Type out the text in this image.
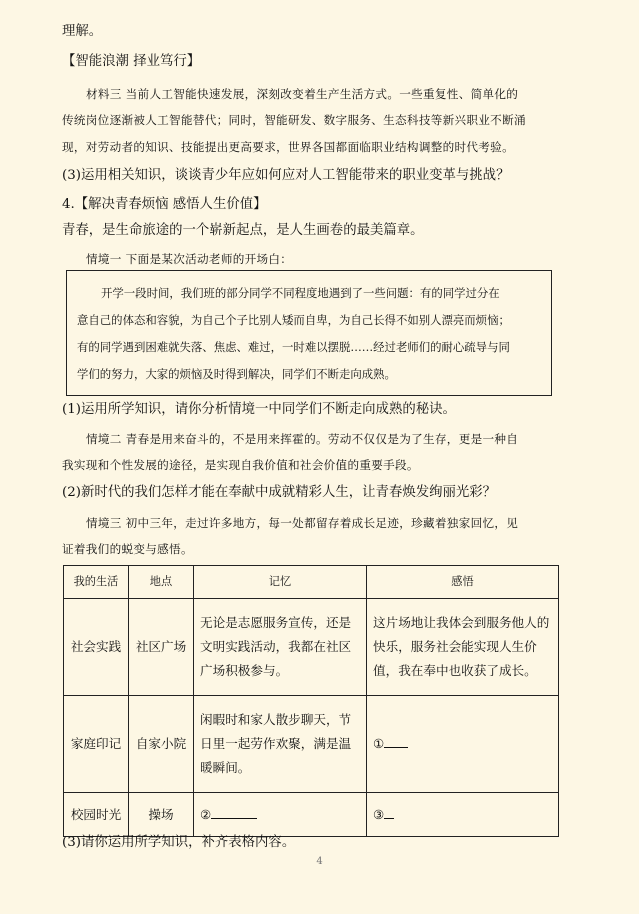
理解。
【智能浪潮 择业笃行】
材料三 当前人工智能快速发展，深刻改变着生产生活方式。一些重复性、简单化的
传统岗位逐渐被人工智能替代；同时，智能研发、数字服务、生态科技等新兴职业不断涌
现，对劳动者的知识、技能提出更高要求，世界各国都面临职业结构调整的时代考验。
(3)运用相关知识，谈谈青少年应如何应对人工智能带来的职业变革与挑战？
4.【解决青春烦恼 感悟人生价值】
青春，是生命旅途的一个崭新起点，是人生画卷的最美篇章。
情境一 下面是某次活动老师的开场白：
开学一段时间，我们班的部分同学不同程度地遇到了一些问题：有的同学过分在
意自己的体态和容貌，为自己个子比别人矮而自卑，为自己长得不如别人漂亮而烦恼；
有的同学遇到困难就失落、焦虑、难过，一时难以摆脱……经过老师们的耐心疏导与同
学们的努力，大家的烦恼及时得到解决，同学们不断走向成熟。
(1)运用所学知识，请你分析情境一中同学们不断走向成熟的秘诀。
情境二 青春是用来奋斗的，不是用来挥霍的。劳动不仅仅是为了生存，更是一种自
我实现和个性发展的途径，是实现自我价值和社会价值的重要手段。
(2)新时代的我们怎样才能在奉献中成就精彩人生，让青春焕发绚丽光彩？
情境三 初中三年，走过许多地方，每一处都留存着成长足迹，珍藏着独家回忆，见
证着我们的蜕变与感悟。
我的生活	地点	记忆	感悟
社会实践	社区广场	无论是志愿服务宣传，还是文明实践活动，我都在社区广场积极参与。	这片场地让我体会到服务他人的快乐，服务社会能实现人生价值，我在奉中也收获了成长。
家庭印记	自家小院	闲暇时和家人散步聊天，节日里一起劳作欢聚，满是温暖瞬间。	①
校园时光	操场	②	③
(3)请你运用所学知识，补齐表格内容。
4
